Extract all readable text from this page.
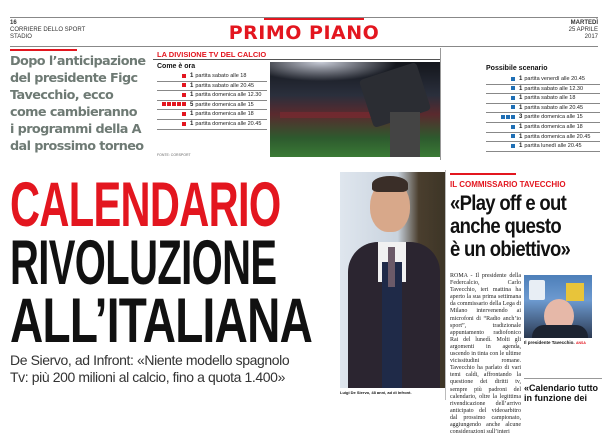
16
CORRIERE DELLO SPORT
STADIO	PRIMO PIANO	MARTEDÌ
25 APRILE
2017
Dopo l’anticipazione
del presidente Figc
Tavecchio, ecco
come cambieranno
i programmi della A
dal prossimo torneo
LA DIVISIONE TV DEL CALCIO
Come è ora
1 partita sabato alle 18
1 partita sabato alle 20.45
1 partita domenica alle 12.30
5 partite domenica alle 15
1 partita domenica alle 18
1 partita domenica alle 20.45
FONTE: CORSPORT
Possibile scenario
1 partita venerdì alle 20.45
1 partita sabato alle 12.30
1 partita sabato alle 18
1 partita sabato alle 20.45
3 partite domenica alle 15
1 partita domenica alle 18
1 partita domenica alle 20.45
1 partita lunedì alle 20.45
CALENDARIO
RIVOLUZIONE
ALL’ITALIANA
De Siervo, ad Infront: «Niente modello spagnolo
Tv: più 200 milioni al calcio, fino a quota 1.400»
Luigi De Siervo, 48 anni, ad di Infront.
IL COMMISSARIO TAVECCHIO
«Play off e out
anche questo
è un obiettivo»
ROMA - Il presidente della Federcalcio, Carlo Tavecchio, ieri mattina ha aperto la sua prima settimana da commissario della Lega di Milano intervenendo ai microfoni di “Radio anch’io sport”, tradizionale appuntamento radiofonico Rai del lunedì. Molti gli argomenti in agenda, uscendo in tinta con le ultime vicissitudini romane. Tavecchio ha parlato di vari temi caldi, affrontando la questione dei diritti tv, sempre più padroni del calendario, oltre la legittima rivendicazione dell’arrivo anticipato del videoarbitro dal prossimo campionato, aggiungendo anche alcune considerazioni sull’interi
Il presidente Tavecchio. ANSA
«Calendario tutto in funzione dei
